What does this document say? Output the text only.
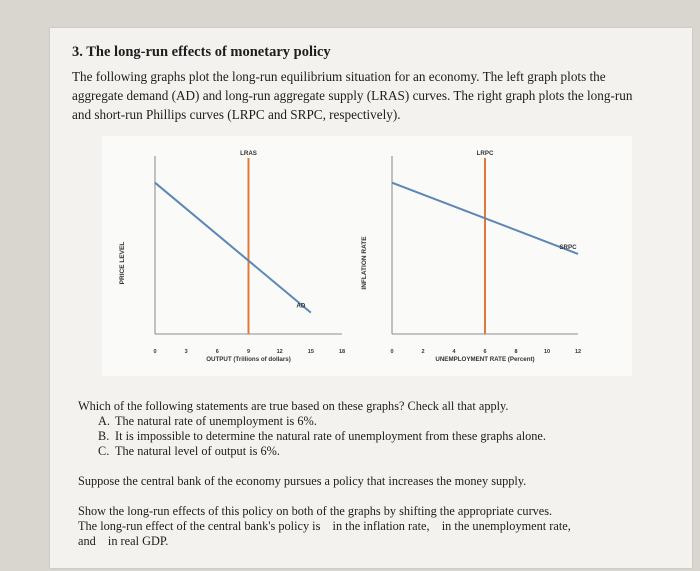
3. The long-run effects of monetary policy
The following graphs plot the long-run equilibrium situation for an economy. The left graph plots the aggregate demand (AD) and long-run aggregate supply (LRAS) curves. The right graph plots the long-run and short-run Phillips curves (LRPC and SRPC, respectively).
PRICE LEVEL
0	3	6	9	12	15	18
OUTPUT (Trillions of dollars)
LRAS
AD
INFLATION RATE
0	2	4	6	8	10	12
UNEMPLOYMENT RATE (Percent)
LRPC
SRPC

Which of the following statements are true based on these graphs? Check all that apply.

A. The natural rate of unemployment is 6%.
B. It is impossible to determine the natural rate of unemployment from these graphs alone.
C. The natural level of output is 6%.
Suppose the central bank of the economy pursues a policy that increases the money supply.
Show the long-run effects of this policy on both of the graphs by shifting the appropriate curves.
The long-run effect of the central bank's policy is in the inflation rate, in the unemployment rate,
and in real GDP.
